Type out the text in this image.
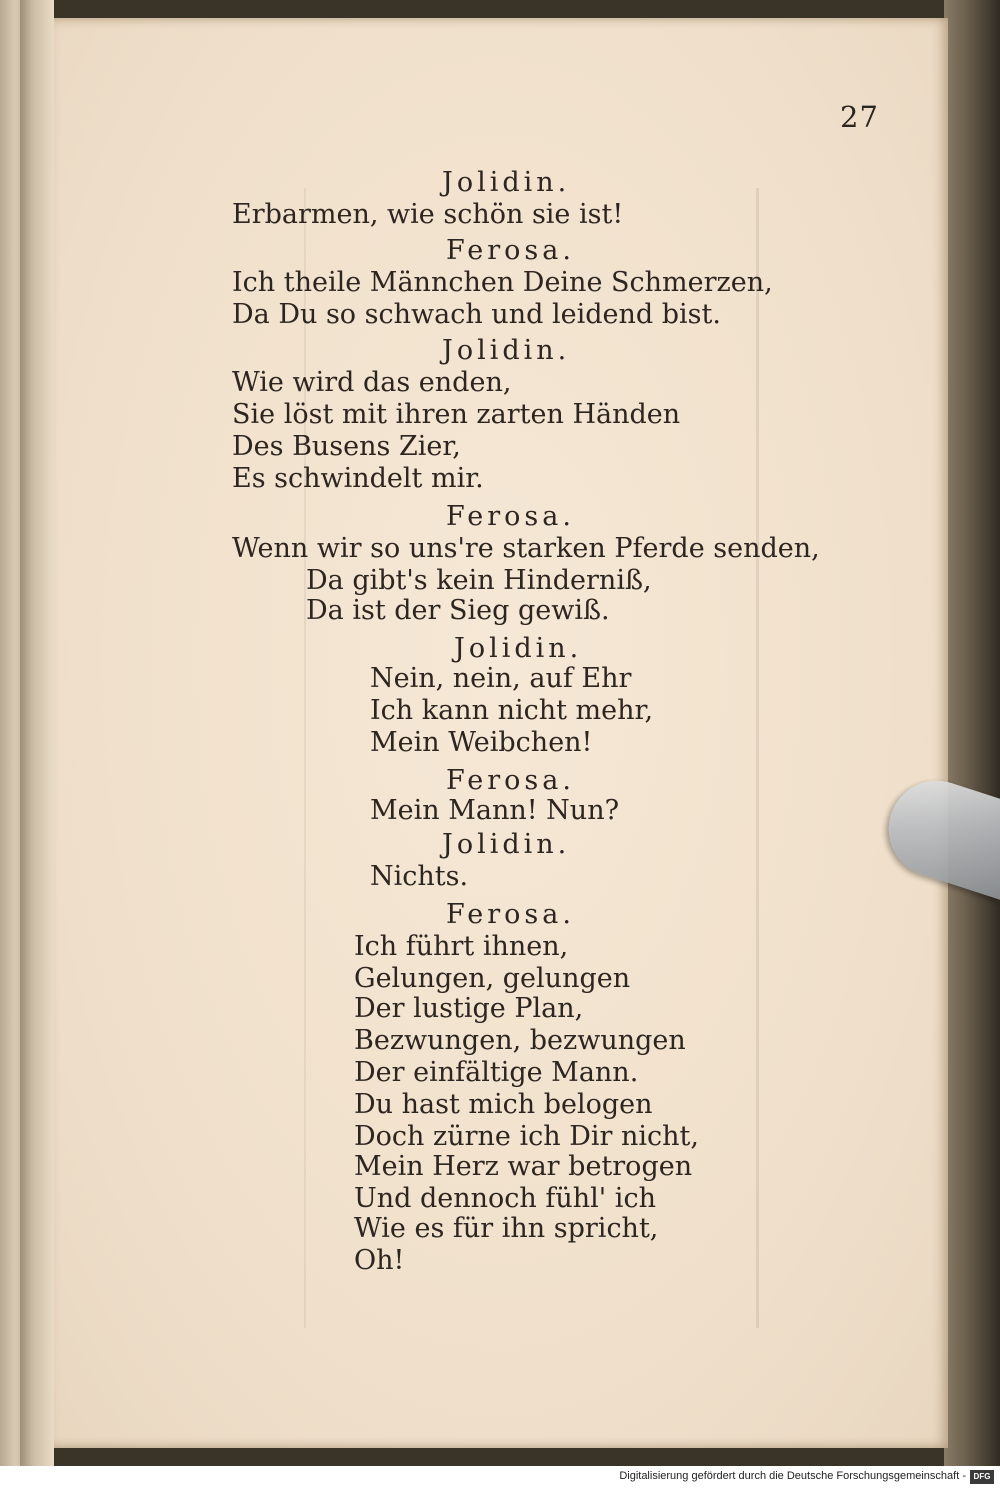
27
Jolidin.
Erbarmen, wie schön sie ist!
Ferosa.
Ich theile Männchen Deine Schmerzen,
Da Du so schwach und leidend bist.
Jolidin.
Wie wird das enden,
Sie löst mit ihren zarten Händen
Des Busens Zier,
Es schwindelt mir.
Ferosa.
Wenn wir so uns're starken Pferde senden,
Da gibt's kein Hinderniß,
Da ist der Sieg gewiß.
Jolidin.
Nein, nein, auf Ehr
Ich kann nicht mehr,
Mein Weibchen!
Ferosa.
Mein Mann! Nun?
Jolidin.
Nichts.
Ferosa.
Ich führt ihnen,
Gelungen, gelungen
Der lustige Plan,
Bezwungen, bezwungen
Der einfältige Mann.
Du hast mich belogen
Doch zürne ich Dir nicht,
Mein Herz war betrogen
Und dennoch fühl' ich
Wie es für ihn spricht,
Oh!
Digitalisierung gefördert durch die Deutsche Forschungsgemeinschaft - DFG
